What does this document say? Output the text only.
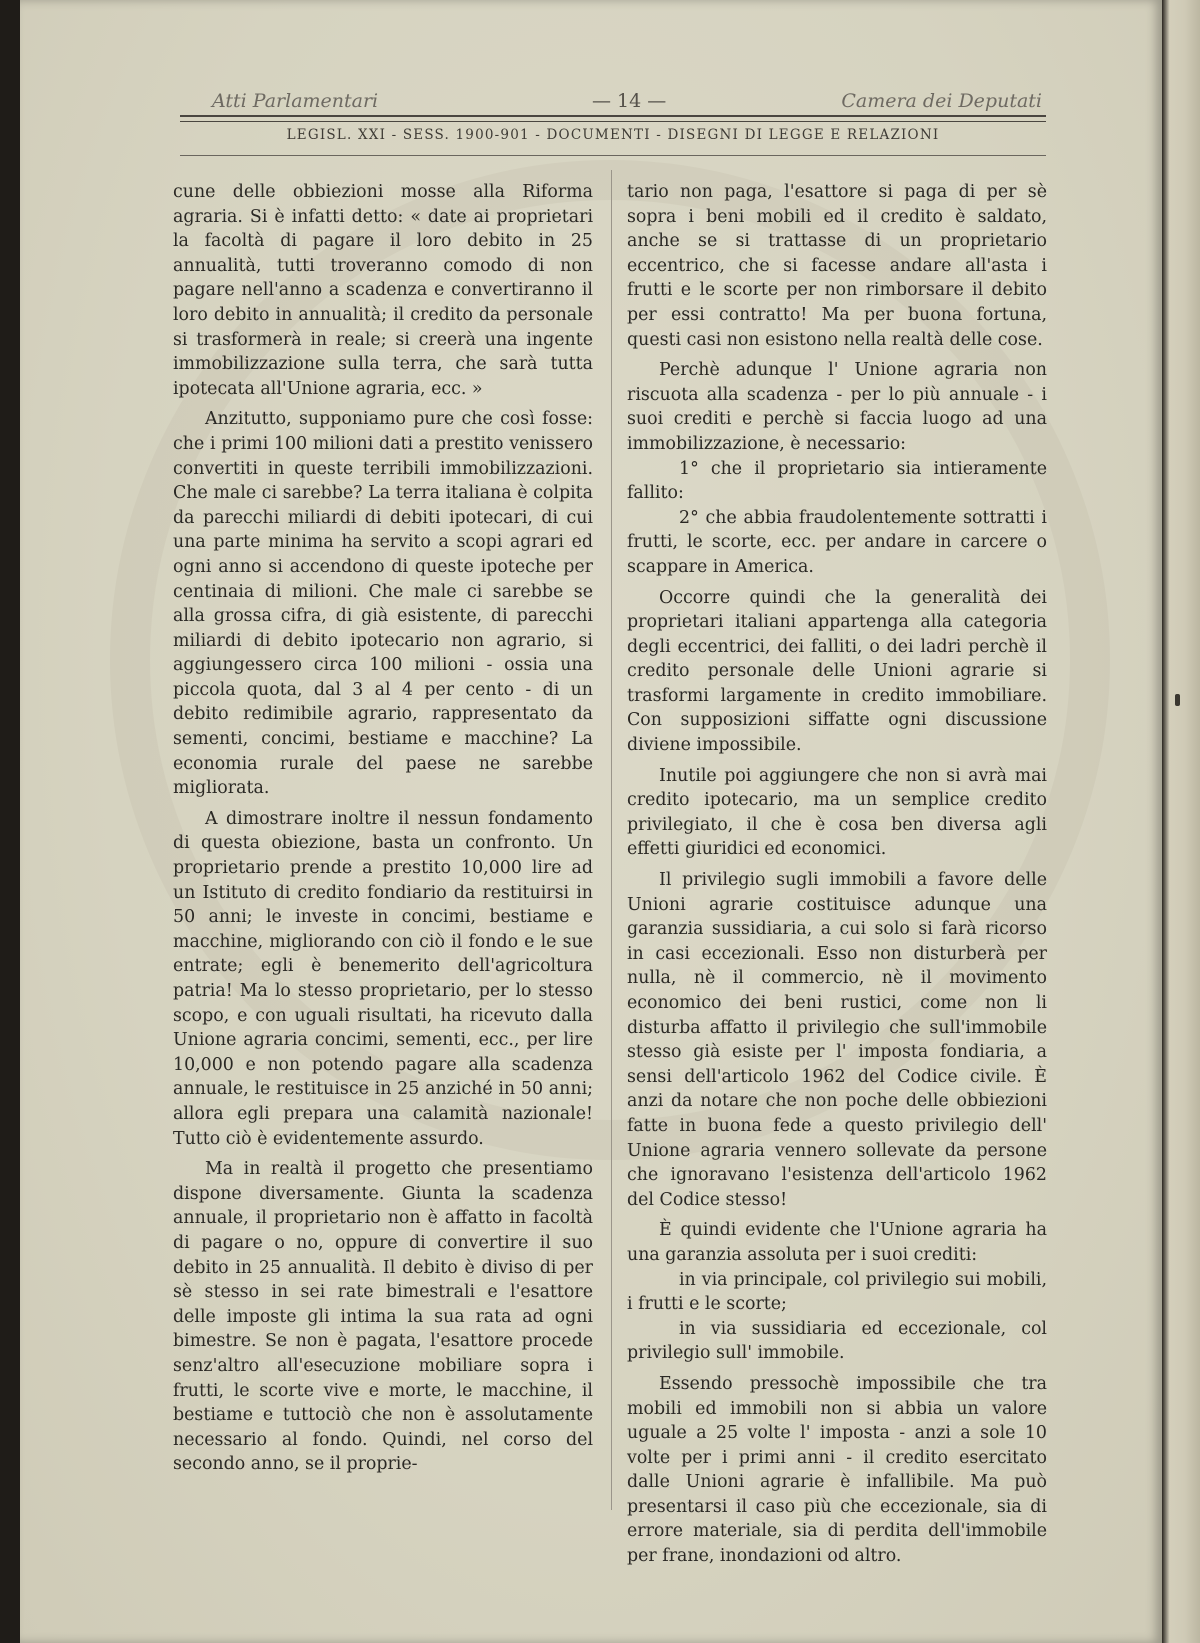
Atti Parlamentari	— 14 —	Camera dei Deputati
LEGISL. XXI - SESS. 1900-901 - DOCUMENTI - DISEGNI DI LEGGE E RELAZIONI

cune delle obbiezioni mosse alla Riforma agraria. Si è infatti detto: « date ai proprietari la facoltà di pagare il loro debito in 25 annualità, tutti troveranno comodo di non pagare nell'anno a scadenza e convertiranno il loro debito in annualità; il credito da personale si trasformerà in reale; si creerà una ingente immobilizzazione sulla terra, che sarà tutta ipotecata all'Unione agraria, ecc. »

Anzitutto, supponiamo pure che così fosse: che i primi 100 milioni dati a prestito venissero convertiti in queste terribili immobilizzazioni. Che male ci sarebbe? La terra italiana è colpita da parecchi miliardi di debiti ipotecari, di cui una parte minima ha servito a scopi agrari ed ogni anno si accendono di queste ipoteche per centinaia di milioni. Che male ci sarebbe se alla grossa cifra, di già esistente, di parecchi miliardi di debito ipotecario non agrario, si aggiungessero circa 100 milioni - ossia una piccola quota, dal 3 al 4 per cento - di un debito redimibile agrario, rappresentato da sementi, concimi, bestiame e macchine? La economia rurale del paese ne sarebbe migliorata.

A dimostrare inoltre il nessun fondamento di questa obiezione, basta un confronto. Un proprietario prende a prestito 10,000 lire ad un Istituto di credito fondiario da restituirsi in 50 anni; le investe in concimi, bestiame e macchine, migliorando con ciò il fondo e le sue entrate; egli è benemerito dell'agricoltura patria! Ma lo stesso proprietario, per lo stesso scopo, e con uguali risultati, ha ricevuto dalla Unione agraria concimi, sementi, ecc., per lire 10,000 e non potendo pagare alla scadenza annuale, le restituisce in 25 anziché in 50 anni; allora egli prepara una calamità nazionale! Tutto ciò è evidentemente assurdo.

Ma in realtà il progetto che presentiamo dispone diversamente. Giunta la scadenza annuale, il proprietario non è affatto in facoltà di pagare o no, oppure di convertire il suo debito in 25 annualità. Il debito è diviso di per sè stesso in sei rate bimestrali e l'esattore delle imposte gli intima la sua rata ad ogni bimestre. Se non è pagata, l'esattore procede senz'altro all'esecuzione mobiliare sopra i frutti, le scorte vive e morte, le macchine, il bestiame e tuttociò che non è assolutamente necessario al fondo. Quindi, nel corso del secondo anno, se il proprie-

tario non paga, l'esattore si paga di per sè sopra i beni mobili ed il credito è saldato, anche se si trattasse di un proprietario eccentrico, che si facesse andare all'asta i frutti e le scorte per non rimborsare il debito per essi contratto! Ma per buona fortuna, questi casi non esistono nella realtà delle cose.

Perchè adunque l' Unione agraria non riscuota alla scadenza - per lo più annuale - i suoi crediti e perchè si faccia luogo ad una immobilizzazione, è necessario:

1° che il proprietario sia intieramente fallito:

2° che abbia fraudolentemente sottratti i frutti, le scorte, ecc. per andare in carcere o scappare in America.

Occorre quindi che la generalità dei proprietari italiani appartenga alla categoria degli eccentrici, dei falliti, o dei ladri perchè il credito personale delle Unioni agrarie si trasformi largamente in credito immobiliare. Con supposizioni siffatte ogni discussione diviene impossibile.

Inutile poi aggiungere che non si avrà mai credito ipotecario, ma un semplice credito privilegiato, il che è cosa ben diversa agli effetti giuridici ed economici.

Il privilegio sugli immobili a favore delle Unioni agrarie costituisce adunque una garanzia sussidiaria, a cui solo si farà ricorso in casi eccezionali. Esso non disturberà per nulla, nè il commercio, nè il movimento economico dei beni rustici, come non li disturba affatto il privilegio che sull'immobile stesso già esiste per l' imposta fondiaria, a sensi dell'articolo 1962 del Codice civile. È anzi da notare che non poche delle obbiezioni fatte in buona fede a questo privilegio dell' Unione agraria vennero sollevate da persone che ignoravano l'esistenza dell'articolo 1962 del Codice stesso!

È quindi evidente che l'Unione agraria ha una garanzia assoluta per i suoi crediti:

in via principale, col privilegio sui mobili, i frutti e le scorte;

in via sussidiaria ed eccezionale, col privilegio sull' immobile.

Essendo pressochè impossibile che tra mobili ed immobili non si abbia un valore uguale a 25 volte l' imposta - anzi a sole 10 volte per i primi anni - il credito esercitato dalle Unioni agrarie è infallibile. Ma può presentarsi il caso più che eccezionale, sia di errore materiale, sia di perdita dell'immobile per frane, inondazioni od altro.
